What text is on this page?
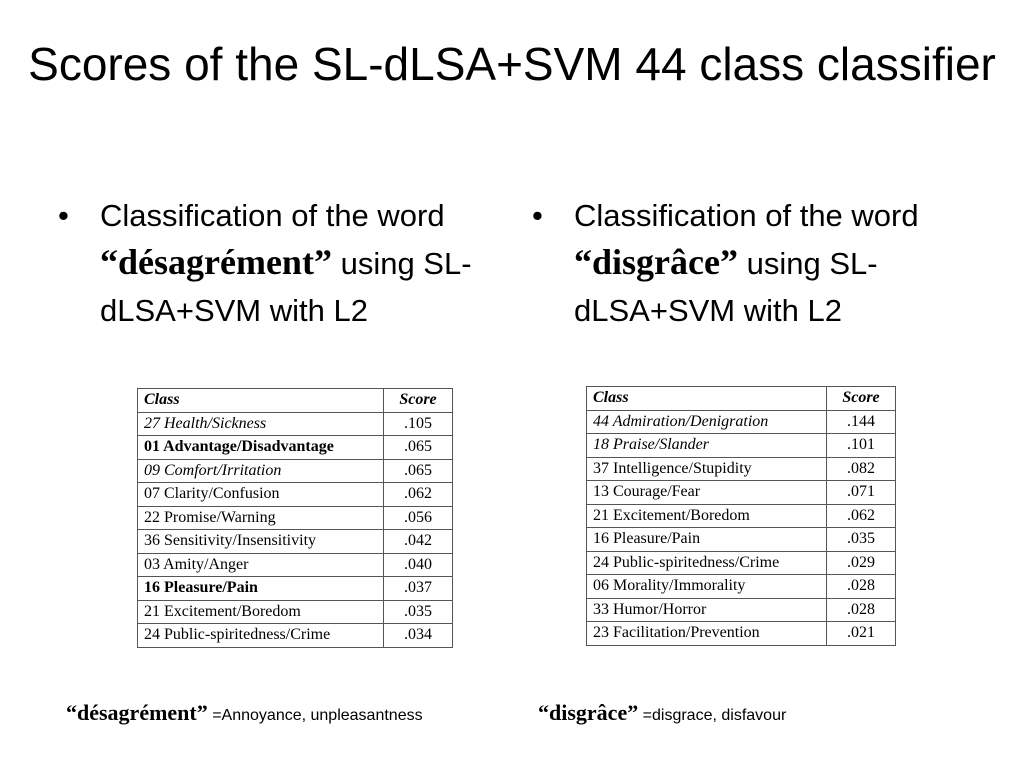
Scores of the SL-dLSA+SVM 44 class classifier
•	Classification of the word “désagrément” using SL-dLSA+SVM with L2
Class	Score
27 Health/Sickness	.105
01 Advantage/Disadvantage	.065
09 Comfort/Irritation	.065
07 Clarity/Confusion	.062
22 Promise/Warning	.056
36 Sensitivity/Insensitivity	.042
03 Amity/Anger	.040
16 Pleasure/Pain	.037
21 Excitement/Boredom	.035
24 Public-spiritedness/Crime	.034
•	Classification of the word “disgrâce” using SL-dLSA+SVM with L2
Class	Score
44 Admiration/Denigration	.144
18 Praise/Slander	.101
37 Intelligence/Stupidity	.082
13 Courage/Fear	.071
21 Excitement/Boredom	.062
16 Pleasure/Pain	.035
24 Public-spiritedness/Crime	.029
06 Morality/Immorality	.028
33 Humor/Horror	.028
23 Facilitation/Prevention	.021
“désagrément” =Annoyance, unpleasantness	“disgrâce” =disgrace, disfavour
